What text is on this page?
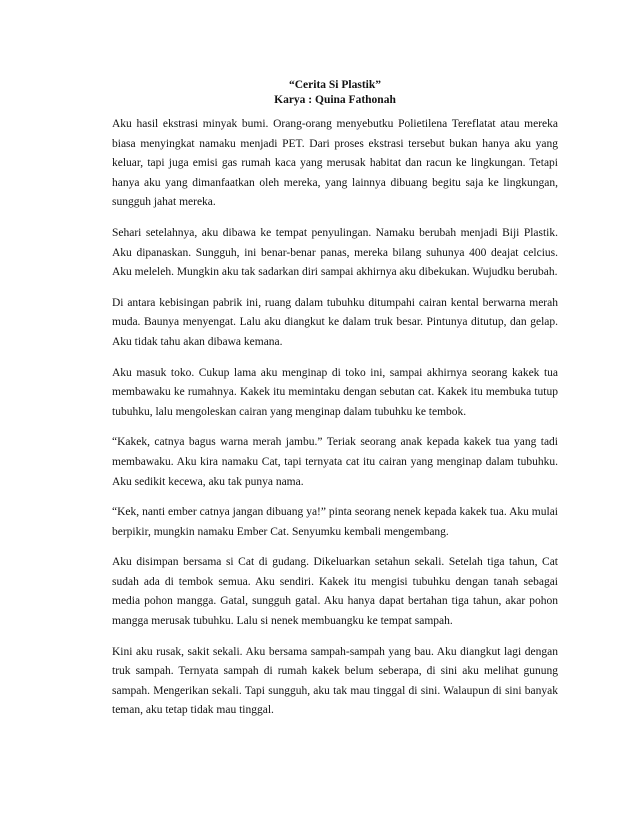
“Cerita Si Plastik”

Karya : Quina Fathonah

Aku hasil ekstrasi minyak bumi. Orang-orang menyebutku Polietilena Tereflatat atau mereka biasa menyingkat namaku menjadi PET. Dari proses ekstrasi tersebut bukan hanya aku yang keluar, tapi juga emisi gas rumah kaca yang merusak habitat dan racun ke lingkungan. Tetapi hanya aku yang dimanfaatkan oleh mereka, yang lainnya dibuang begitu saja ke lingkungan, sungguh jahat mereka.

Sehari setelahnya, aku dibawa ke tempat penyulingan. Namaku berubah menjadi Biji Plastik. Aku dipanaskan. Sungguh, ini benar-benar panas, mereka bilang suhunya 400 deajat celcius. Aku meleleh. Mungkin aku tak sadarkan diri sampai akhirnya aku dibekukan. Wujudku berubah.

Di antara kebisingan pabrik ini, ruang dalam tubuhku ditumpahi cairan kental berwarna merah muda. Baunya menyengat. Lalu aku diangkut ke dalam truk besar. Pintunya ditutup, dan gelap. Aku tidak tahu akan dibawa kemana.

Aku masuk toko. Cukup lama aku menginap di toko ini, sampai akhirnya seorang kakek tua membawaku ke rumahnya. Kakek itu memintaku dengan sebutan cat. Kakek itu membuka tutup tubuhku, lalu mengoleskan cairan yang menginap dalam tubuhku ke tembok.

“Kakek, catnya bagus warna merah jambu.” Teriak seorang anak kepada kakek tua yang tadi membawaku. Aku kira namaku Cat, tapi ternyata cat itu cairan yang menginap dalam tubuhku. Aku sedikit kecewa, aku tak punya nama.

“Kek, nanti ember catnya jangan dibuang ya!” pinta seorang nenek kepada kakek tua. Aku mulai berpikir, mungkin namaku Ember Cat. Senyumku kembali mengembang.

Aku disimpan bersama si Cat di gudang. Dikeluarkan setahun sekali. Setelah tiga tahun, Cat sudah ada di tembok semua. Aku sendiri. Kakek itu mengisi tubuhku dengan tanah sebagai media pohon mangga. Gatal, sungguh gatal. Aku hanya dapat bertahan tiga tahun, akar pohon mangga merusak tubuhku. Lalu si nenek membuangku ke tempat sampah.

Kini aku rusak, sakit sekali. Aku bersama sampah-sampah yang bau. Aku diangkut lagi dengan truk sampah. Ternyata sampah di rumah kakek belum seberapa, di sini aku melihat gunung sampah. Mengerikan sekali. Tapi sungguh, aku tak mau tinggal di sini. Walaupun di sini banyak teman, aku tetap tidak mau tinggal.
